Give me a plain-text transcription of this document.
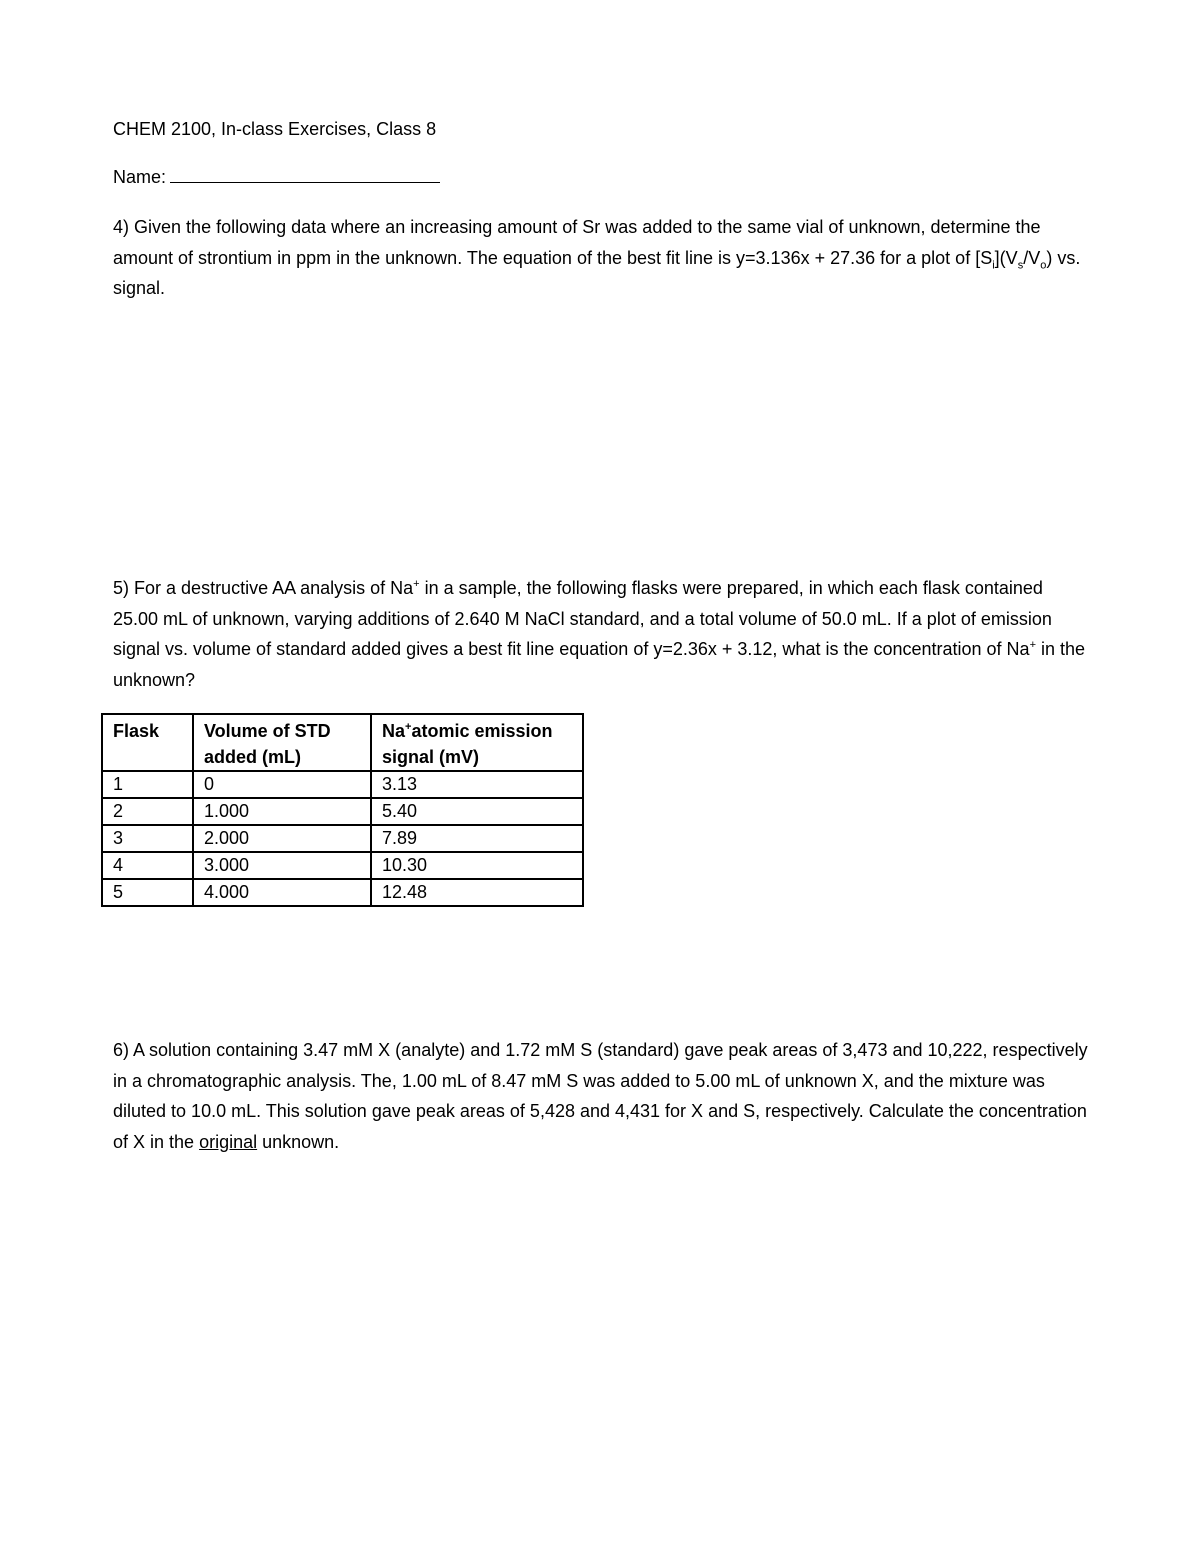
CHEM 2100, In-class Exercises, Class 8
Name:
4) Given the following data where an increasing amount of Sr was added to the same vial of unknown, determine the amount of strontium in ppm in the unknown. The equation of the best fit line is y=3.136x + 27.36 for a plot of $[S_i](V_s/V_o)$ vs. signal.
5) For a destructive AA analysis of Na+ in a sample, the following flasks were prepared, in which each flask contained 25.00 mL of unknown, varying additions of 2.640 M NaCl standard, and a total volume of 50.0 mL. If a plot of emission signal vs. volume of standard added gives a best fit line equation of y=2.36x + 3.12, what is the concentration of Na+ in the unknown?
Flask	Volume of STD added (mL)	Na+atomic emission signal (mV)
1	0	3.13
2	1.000	5.40
3	2.000	7.89
4	3.000	10.30
5	4.000	12.48
6) A solution containing 3.47 mM X (analyte) and 1.72 mM S (standard) gave peak areas of 3,473 and 10,222, respectively in a chromatographic analysis. The, 1.00 mL of 8.47 mM S was added to 5.00 mL of unknown X, and the mixture was diluted to 10.0 mL. This solution gave peak areas of 5,428 and 4,431 for X and S, respectively. Calculate the concentration of X in the original unknown.
